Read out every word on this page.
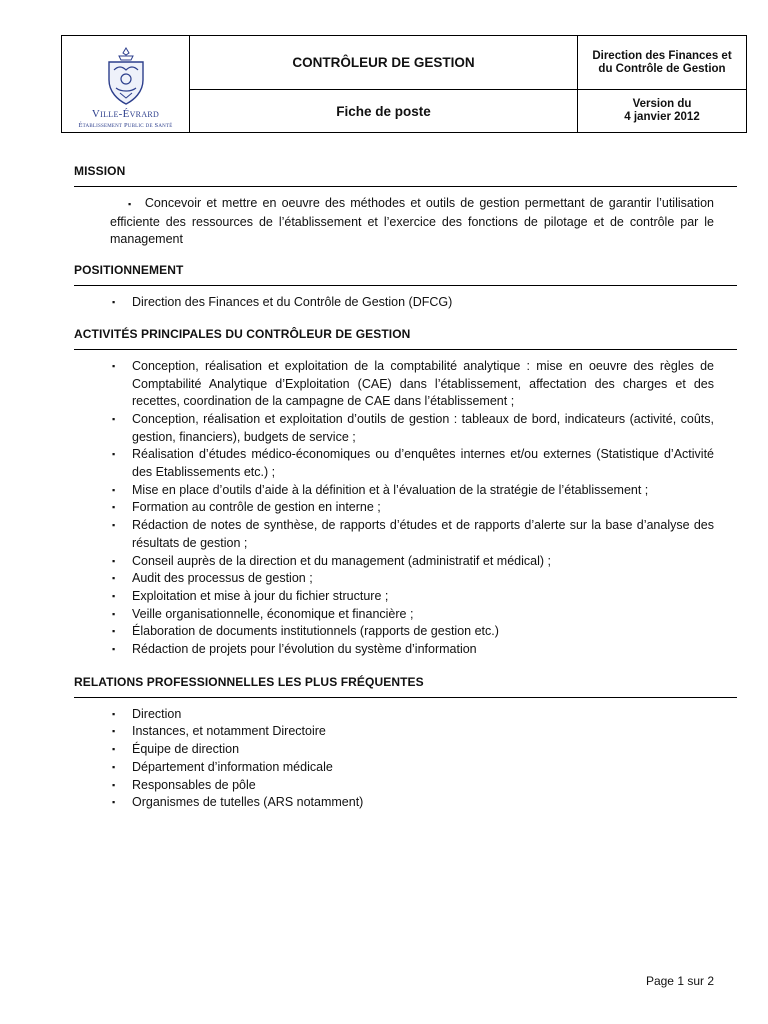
Ville-Évrard
Établissement Public de Santé
CONTRÔLEUR DE GESTION	Direction des Finances et
du Contrôle de Gestion
Fiche de poste	Version du
4 janvier 2012
MISSION
▪ Concevoir et mettre en oeuvre des méthodes et outils de gestion permettant de garantir l’utilisation efficiente des ressources de l’établissement et l’exercice des fonctions de pilotage et de contrôle par le management
POSITIONNEMENT
▪ Direction des Finances et du Contrôle de Gestion (DFCG)
ACTIVITÉS PRINCIPALES DU CONTRÔLEUR DE GESTION
▪ Conception, réalisation et exploitation de la comptabilité analytique : mise en oeuvre des règles de Comptabilité Analytique d’Exploitation (CAE) dans l’établissement, affectation des charges et des recettes, coordination de la campagne de CAE dans l’établissement ;
▪ Conception, réalisation et exploitation d’outils de gestion : tableaux de bord, indicateurs (activité, coûts, gestion, financiers), budgets de service ;
▪ Réalisation d’études médico-économiques ou d’enquêtes internes et/ou externes (Statistique d’Activité des Etablissements etc.) ;
▪ Mise en place d’outils d’aide à la définition et à l’évaluation de la stratégie de l’établissement ;
▪ Formation au contrôle de gestion en interne ;
▪ Rédaction de notes de synthèse, de rapports d’études et de rapports d’alerte sur la base d’analyse des résultats de gestion ;
▪ Conseil auprès de la direction et du management (administratif et médical) ;
▪ Audit des processus de gestion ;
▪ Exploitation et mise à jour du fichier structure ;
▪ Veille organisationnelle, économique et financière ;
▪ Élaboration de documents institutionnels (rapports de gestion etc.)
▪ Rédaction de projets pour l’évolution du système d’information
RELATIONS PROFESSIONNELLES LES PLUS FRÉQUENTES
▪ Direction
▪ Instances, et notamment Directoire
▪ Équipe de direction
▪ Département d’information médicale
▪ Responsables de pôle
▪ Organismes de tutelles (ARS notamment)
Page 1 sur 2
